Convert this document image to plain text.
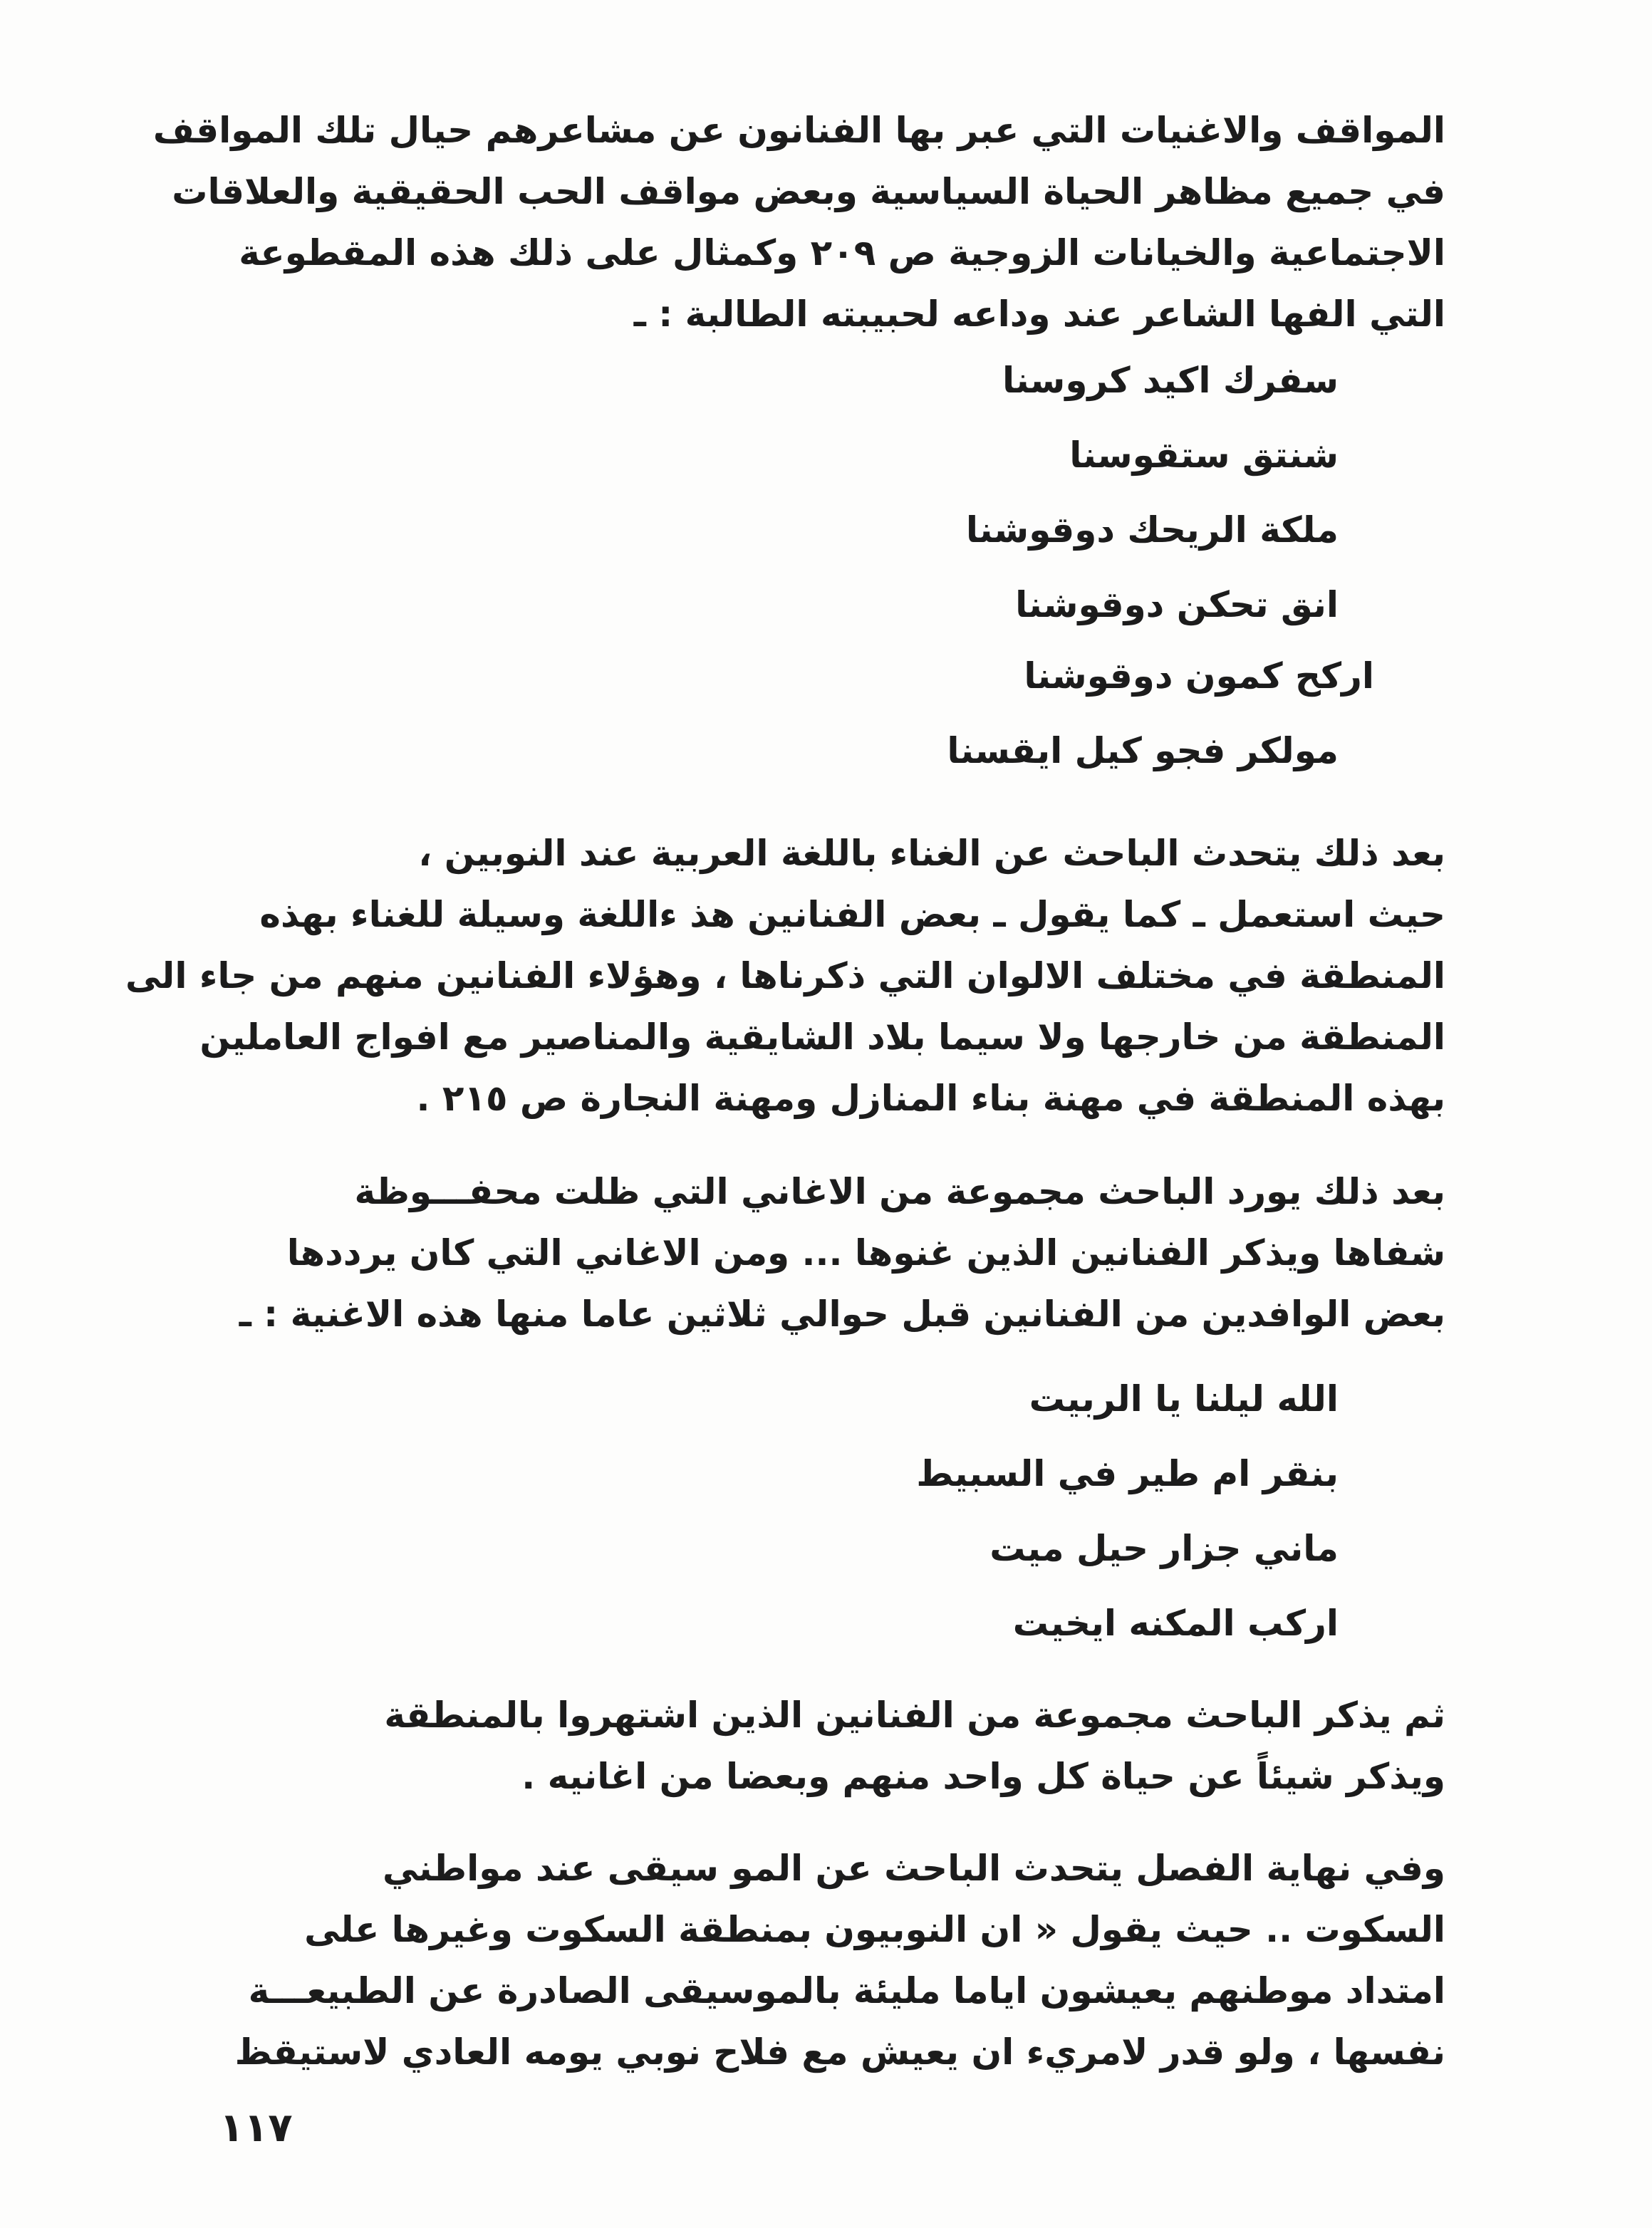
المواقف والاغنيات التي عبر بها الفنانون عن مشاعرهم حيال تلك المواقف
في جميع مظاهر الحياة السياسية وبعض مواقف الحب الحقيقية والعلاقات
الاجتماعية والخيانات الزوجية ص ٢٠٩ وكمثال على ذلك هذه المقطوعة
التي الفها الشاعر عند وداعه لحبيبته الطالبة : ـ
سفرك اكيد كروسنا
شنتق ستقوسنا
ملكة الريحك دوقوشنا
انق تحكن دوقوشنا
اركح كمون دوقوشنا
مولكر فجو كيل ايقسنا
بعد ذلك يتحدث الباحث عن الغناء باللغة العربية عند النوبين ،
حيث استعمل ـ كما يقول ـ بعض الفنانين هذ ءاللغة وسيلة للغناء بهذه
المنطقة في مختلف الالوان التي ذكرناها ، وهؤلاء الفنانين منهم من جاء الى
المنطقة من خارجها ولا سيما بلاد الشايقية والمناصير مع افواج العاملين
بهذه المنطقة في مهنة بناء المنازل ومهنة النجارة ص ٢١٥ .
بعد ذلك يورد الباحث مجموعة من الاغاني التي ظلت محفـــوظة
شفاها ويذكر الفنانين الذين غنوها ... ومن الاغاني التي كان يرددها
بعض الوافدين من الفنانين قبل حوالي ثلاثين عاما منها هذه الاغنية : ـ
الله ليلنا يا الربيت
بنقر ام طير في السبيط
ماني جزار حيل ميت
اركب المكنه ايخيت
ثم يذكر الباحث مجموعة من الفنانين الذين اشتهروا بالمنطقة
ويذكر شيئاً عن حياة كل واحد منهم وبعضا من اغانيه .
وفي نهاية الفصل يتحدث الباحث عن المو سيقى عند مواطني
السكوت .. حيث يقول « ان النوبيون بمنطقة السكوت وغيرها على
امتداد موطنهم يعيشون اياما مليئة بالموسيقى الصادرة عن الطبيعـــة
نفسها ، ولو قدر لامريء ان يعيش مع فلاح نوبي يومه العادي لاستيقظ
١١٧
